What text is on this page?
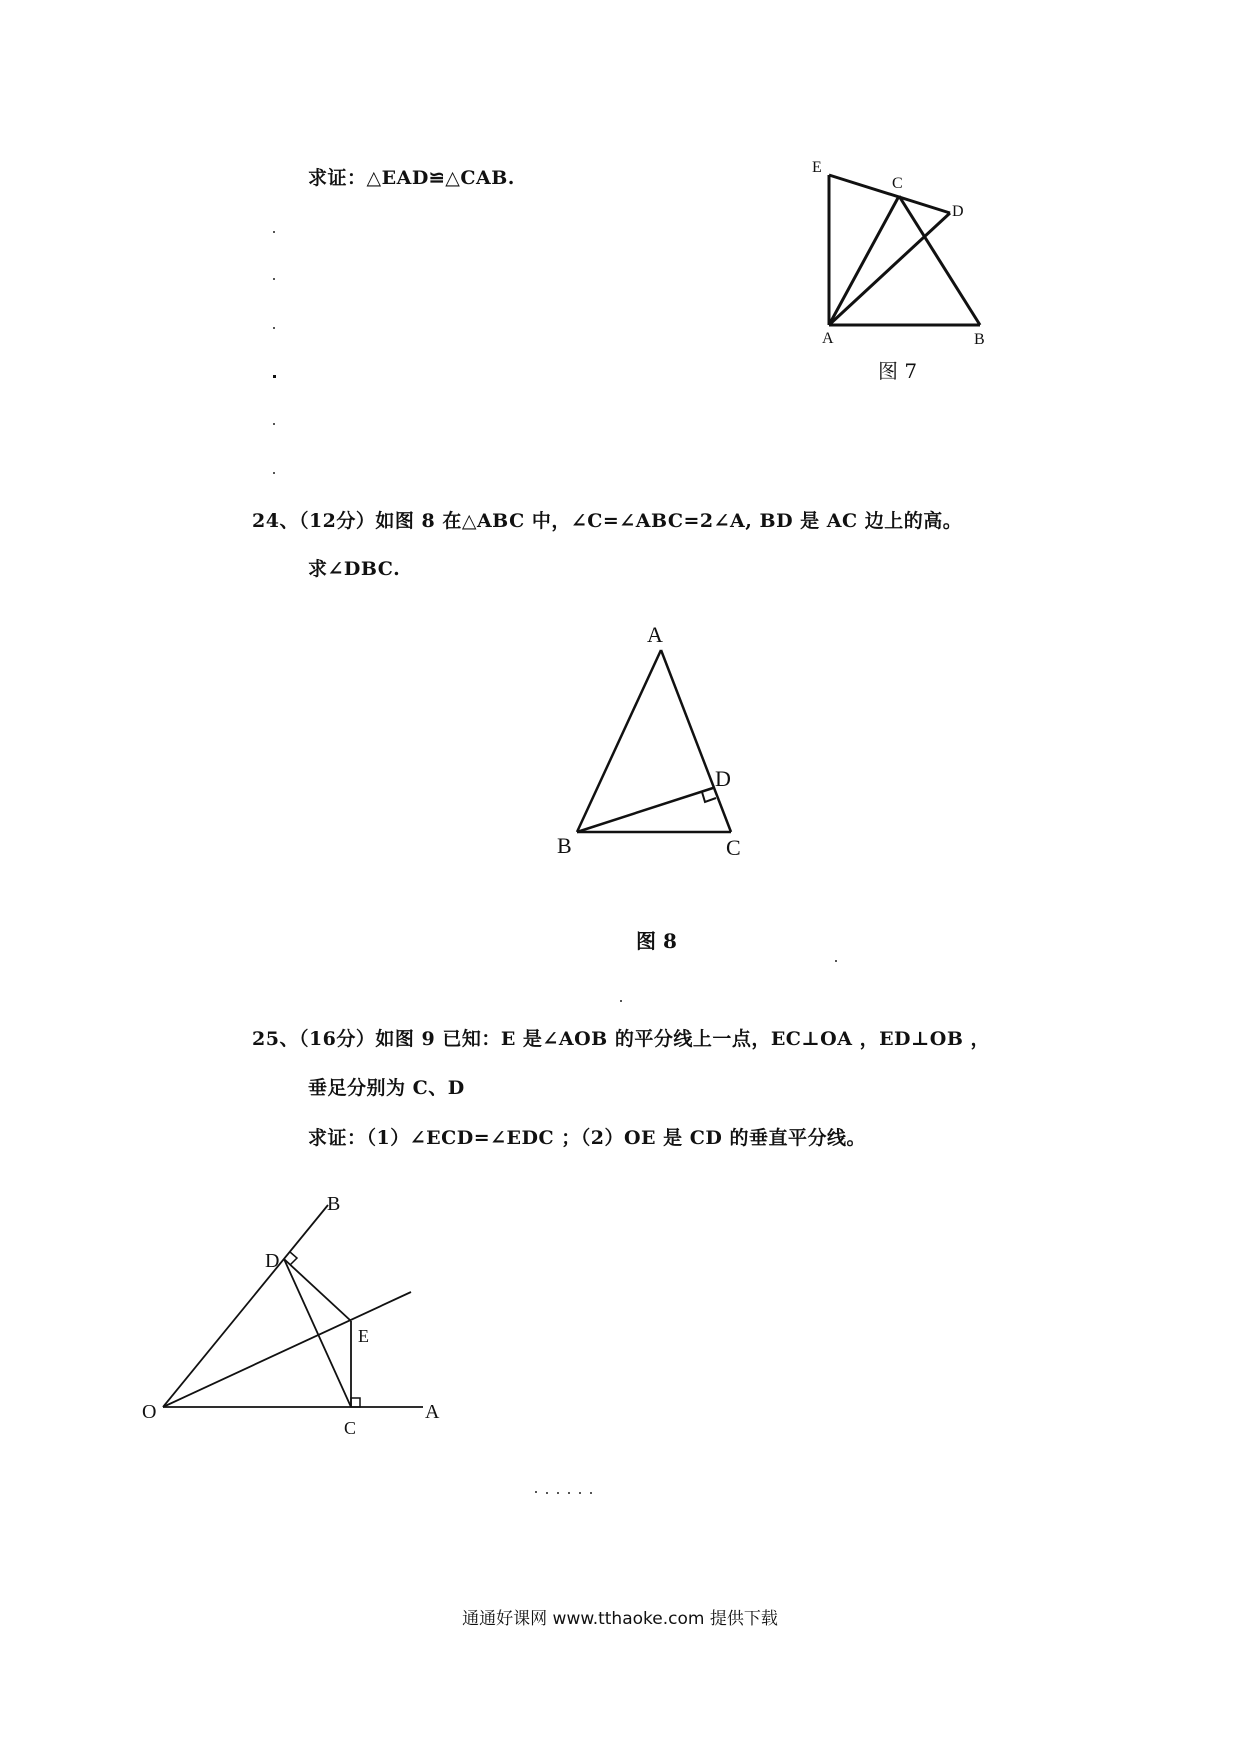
求证：△EAD≌△CAB.	E
C
D
A	B
图 7
24、（12分）如图 8 在△ABC 中，∠C=∠ABC=2∠A, BD 是 AC 边上的高。
求∠DBC.
A
B	C
D
图 8
25、（16分）如图 9 已知：E 是∠AOB 的平分线上一点，EC⊥OA ，ED⊥OB ，
垂足分别为 C、D
求证：（1）∠ECD=∠EDC ；（2）OE 是 CD 的垂直平分线。
O	A
B
C
D
E
通通好课网 www.tthaoke.com 提供下载
